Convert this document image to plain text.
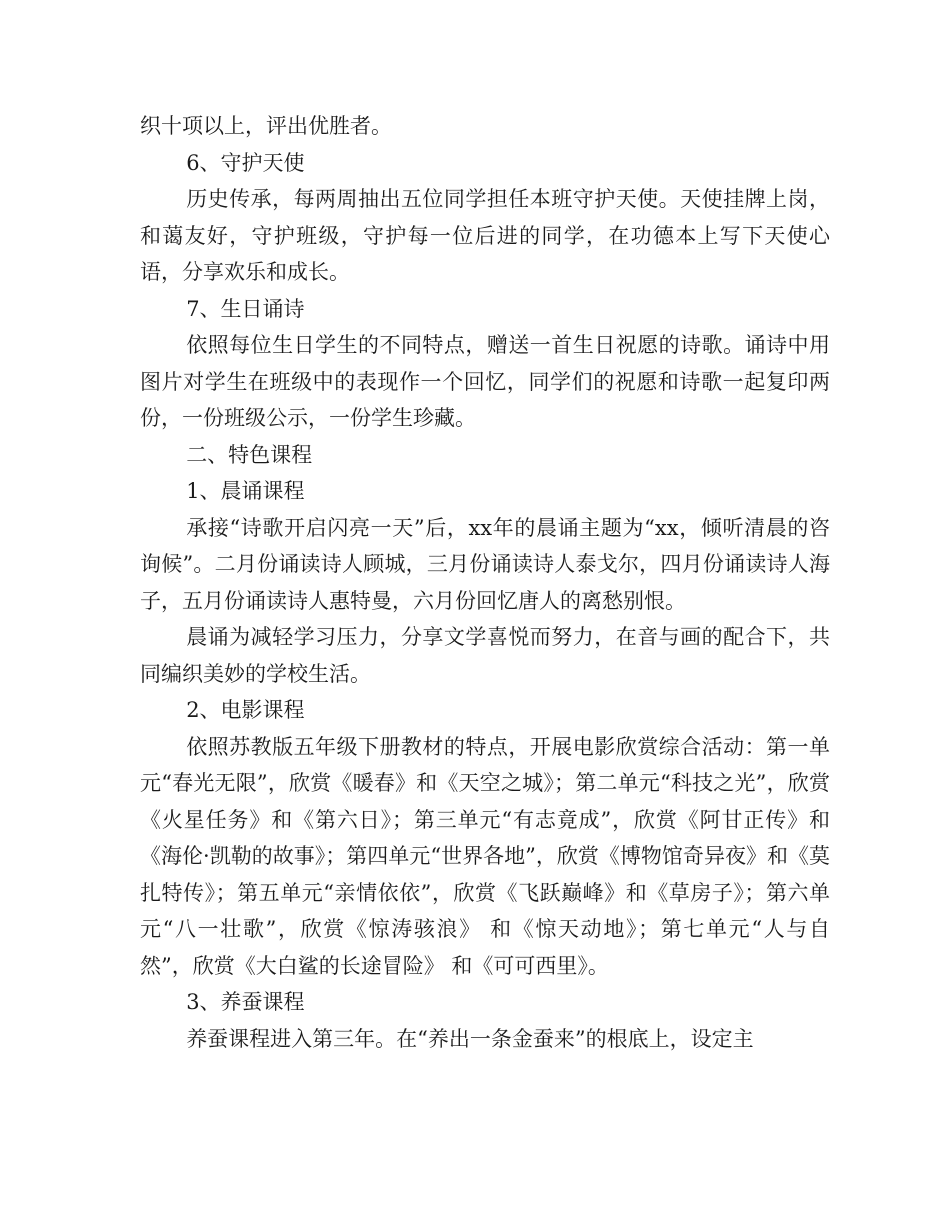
织十项以上，评出优胜者。

6、守护天使

历史传承，每两周抽出五位同学担任本班守护天使。天使挂牌上岗，和蔼友好，守护班级，守护每一位后进的同学，在功德本上写下天使心语，分享欢乐和成长。

7、生日诵诗

依照每位生日学生的不同特点，赠送一首生日祝愿的诗歌。诵诗中用图片对学生在班级中的表现作一个回忆，同学们的祝愿和诗歌一起复印两份，一份班级公示，一份学生珍藏。

二、特色课程

1、晨诵课程

承接“诗歌开启闪亮一天”后，xx年的晨诵主题为“xx，倾听清晨的咨询候”。二月份诵读诗人顾城，三月份诵读诗人泰戈尔，四月份诵读诗人海子，五月份诵读诗人惠特曼，六月份回忆唐人的离愁别恨。

晨诵为减轻学习压力，分享文学喜悦而努力，在音与画的配合下，共同编织美妙的学校生活。

2、电影课程

依照苏教版五年级下册教材的特点，开展电影欣赏综合活动：第一单元“春光无限”，欣赏《暖春》和《天空之城》；第二单元“科技之光”，欣赏《火星任务》和《第六日》；第三单元“有志竟成”，欣赏《阿甘正传》和《海伦·凯勒的故事》；第四单元“世界各地”，欣赏《博物馆奇异夜》和《莫扎特传》；第五单元“亲情依依”，欣赏《飞跃巅峰》和《草房子》；第六单元“八一壮歌”，欣赏《惊涛骇浪》 和《惊天动地》；第七单元“人与自然”，欣赏《大白鲨的长途冒险》 和《可可西里》。

3、养蚕课程

养蚕课程进入第三年。在“养出一条金蚕来”的根底上，设定主
